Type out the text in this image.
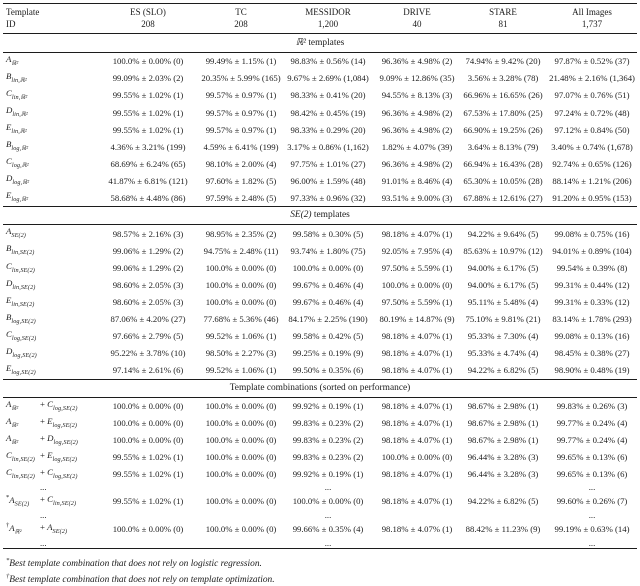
Template		ES (SLO)	TC	MESSIDOR	DRIVE	STARE	All Images
ID		208	208	1,200	40	81	1,737
ℝ² templates							
$A_{ℝ^2}$		100.0% ± 0.00% (0)	99.49% ± 1.15% (1)	98.83% ± 0.56% (14)	96.36% ± 4.98% (2)	74.94% ± 9.42% (20)	97.87% ± 0.52% (37)
$B_{lin,ℝ^2}$		99.09% ± 2.03% (2)	20.35% ± 5.99% (165)	9.67% ± 2.69% (1,084)	9.09% ± 12.86% (35)	3.56% ± 3.28% (78)	21.48% ± 2.16% (1,364)
$C_{lin,ℝ^2}$		99.55% ± 1.02% (1)	99.57% ± 0.97% (1)	98.33% ± 0.41% (20)	94.55% ± 8.13% (3)	66.96% ± 16.65% (26)	97.07% ± 0.76% (51)
$D_{lin,ℝ^2}$		99.55% ± 1.02% (1)	99.57% ± 0.97% (1)	98.42% ± 0.45% (19)	96.36% ± 4.98% (2)	67.53% ± 17.80% (25)	97.24% ± 0.72% (48)
$E_{lin,ℝ^2}$		99.55% ± 1.02% (1)	99.57% ± 0.97% (1)	98.33% ± 0.29% (20)	96.36% ± 4.98% (2)	66.90% ± 19.25% (26)	97.12% ± 0.84% (50)
$B_{log,ℝ^2}$		4.36% ± 3.21% (199)	4.59% ± 6.41% (199)	3.17% ± 0.86% (1,162)	1.82% ± 4.07% (39)	3.64% ± 8.13% (79)	3.40% ± 0.74% (1,678)
$C_{log,ℝ^2}$		68.69% ± 6.24% (65)	98.10% ± 2.00% (4)	97.75% ± 1.01% (27)	96.36% ± 4.98% (2)	66.94% ± 16.43% (28)	92.74% ± 0.65% (126)
$D_{log,ℝ^2}$		41.87% ± 6.81% (121)	97.60% ± 1.82% (5)	96.00% ± 1.59% (48)	91.01% ± 8.46% (4)	65.30% ± 10.05% (28)	88.14% ± 1.21% (206)
$E_{log,ℝ^2}$		58.68% ± 4.48% (86)	97.59% ± 2.48% (5)	97.33% ± 0.96% (32)	93.51% ± 9.00% (3)	67.88% ± 12.61% (27)	91.20% ± 0.95% (153)
SE(2) templates							
$A_{SE(2)}$		98.57% ± 2.16% (3)	98.95% ± 2.35% (2)	99.58% ± 0.30% (5)	98.18% ± 4.07% (1)	94.22% ± 9.64% (5)	99.08% ± 0.75% (16)
$B_{lin,SE(2)}$		99.06% ± 1.29% (2)	94.75% ± 2.48% (11)	93.74% ± 1.80% (75)	92.05% ± 7.95% (4)	85.63% ± 10.97% (12)	94.01% ± 0.89% (104)
$C_{lin,SE(2)}$		99.06% ± 1.29% (2)	100.0% ± 0.00% (0)	100.0% ± 0.00% (0)	97.50% ± 5.59% (1)	94.00% ± 6.17% (5)	99.54% ± 0.39% (8)
$D_{lin,SE(2)}$		98.60% ± 2.05% (3)	100.0% ± 0.00% (0)	99.67% ± 0.46% (4)	100.0% ± 0.00% (0)	94.00% ± 6.17% (5)	99.31% ± 0.44% (12)
$E_{lin,SE(2)}$		98.60% ± 2.05% (3)	100.0% ± 0.00% (0)	99.67% ± 0.46% (4)	97.50% ± 5.59% (1)	95.11% ± 5.48% (4)	99.31% ± 0.33% (12)
$B_{log,SE(2)}$		87.06% ± 4.20% (27)	77.68% ± 5.36% (46)	84.17% ± 2.25% (190)	80.19% ± 14.87% (9)	75.10% ± 9.81% (21)	83.14% ± 1.78% (293)
$C_{log,SE(2)}$		97.66% ± 2.79% (5)	99.52% ± 1.06% (1)	99.58% ± 0.42% (5)	98.18% ± 4.07% (1)	95.33% ± 7.30% (4)	99.08% ± 0.13% (16)
$D_{log,SE(2)}$		95.22% ± 3.78% (10)	98.50% ± 2.27% (3)	99.25% ± 0.19% (9)	98.18% ± 4.07% (1)	95.33% ± 4.74% (4)	98.45% ± 0.38% (27)
$E_{log,SE(2)}$		97.14% ± 2.61% (6)	99.52% ± 1.06% (1)	99.50% ± 0.35% (6)	98.18% ± 4.07% (1)	94.22% ± 6.82% (5)	98.90% ± 0.48% (19)
Template combinations (sorted on performance)							
$A_{ℝ^2}$	+ $C_{log,SE(2)}$	100.0% ± 0.00% (0)	100.0% ± 0.00% (0)	99.92% ± 0.19% (1)	98.18% ± 4.07% (1)	98.67% ± 2.98% (1)	99.83% ± 0.26% (3)
$A_{ℝ^2}$	+ $E_{log,SE(2)}$	100.0% ± 0.00% (0)	100.0% ± 0.00% (0)	99.83% ± 0.23% (2)	98.18% ± 4.07% (1)	98.67% ± 2.98% (1)	99.77% ± 0.24% (4)
$A_{ℝ^2}$	+ $D_{log,SE(2)}$	100.0% ± 0.00% (0)	100.0% ± 0.00% (0)	99.83% ± 0.23% (2)	98.18% ± 4.07% (1)	98.67% ± 2.98% (1)	99.77% ± 0.24% (4)
$C_{lin,SE(2)}$	+ $E_{log,SE(2)}$	99.55% ± 1.02% (1)	100.0% ± 0.00% (0)	99.83% ± 0.23% (2)	100.0% ± 0.00% (0)	96.44% ± 3.28% (3)	99.65% ± 0.13% (6)
$C_{lin,SE(2)}$	+ $C_{log,SE(2)}$	99.55% ± 1.02% (1)	100.0% ± 0.00% (0)	99.92% ± 0.19% (1)	98.18% ± 4.07% (1)	96.44% ± 3.28% (3)	99.65% ± 0.13% (6)
	...			...			...
$^*A_{SE(2)}$	+ $C_{lin,SE(2)}$	99.55% ± 1.02% (1)	100.0% ± 0.00% (0)	100.0% ± 0.00% (0)	98.18% ± 4.07% (1)	94.22% ± 6.82% (5)	99.60% ± 0.26% (7)
	...			...			...
$^\dagger A_{ℝ^2}$	+ $A_{SE(2)}$	100.0% ± 0.00% (0)	100.0% ± 0.00% (0)	99.66% ± 0.35% (4)	98.18% ± 4.07% (1)	88.42% ± 11.23% (9)	99.19% ± 0.63% (14)
	...			...			...
*Best template combination that does not rely on logistic regression.
†Best template combination that does not rely on template optimization.
